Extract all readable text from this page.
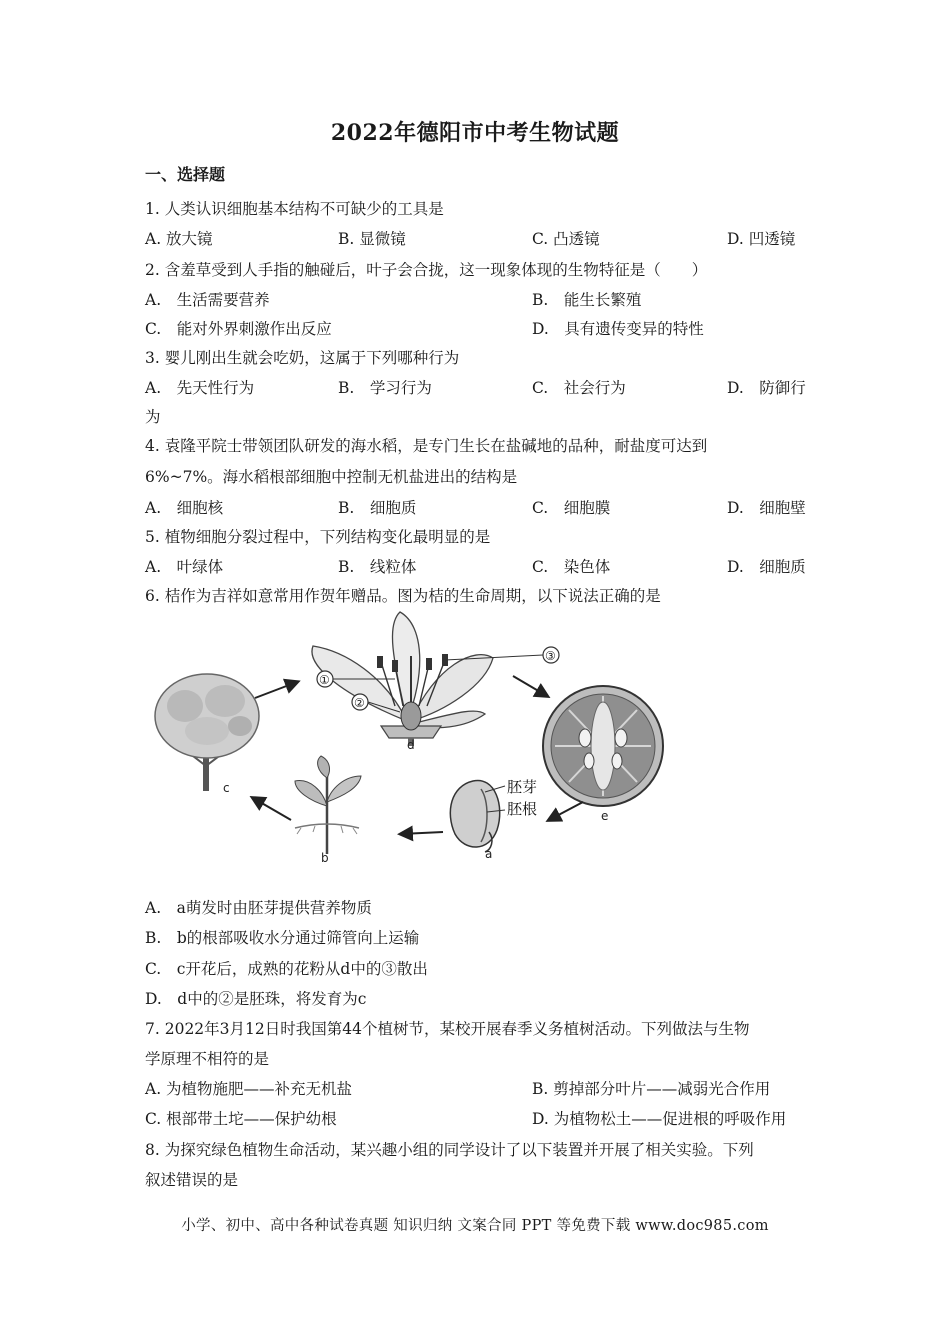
2022年德阳市中考生物试题
一、选择题
1. 人类认识细胞基本结构不可缺少的工具是
A. 放大镜	B. 显微镜	C. 凸透镜	D. 凹透镜
2. 含羞草受到人手指的触碰后，叶子会合拢，这一现象体现的生物特征是（　　）
A.　生活需要营养	B.　能生长繁殖
C.　能对外界刺激作出反应	D.　具有遗传变异的特性
3. 婴儿刚出生就会吃奶，这属于下列哪种行为
A.　先天性行为	B.　学习行为	C.　社会行为	D.　防御行
为
4. 袁隆平院士带领团队研发的海水稻，是专门生长在盐碱地的品种，耐盐度可达到
6%~7%。海水稻根部细胞中控制无机盐进出的结构是
A.　细胞核	B.　细胞质	C.　细胞膜	D.　细胞壁
5. 植物细胞分裂过程中，下列结构变化最明显的是
A.　叶绿体	B.　线粒体	C.　染色体	D.　细胞质
6. 桔作为吉祥如意常用作贺年赠品。图为桔的生命周期，以下说法正确的是
c
d
①
②
③
e
胚芽
胚根
a
b
A.　a萌发时由胚芽提供营养物质
B.　b的根部吸收水分通过筛管向上运输
C.　c开花后，成熟的花粉从d中的③散出
D.　d中的②是胚珠，将发育为c
7. 2022年3月12日时我国第44个植树节，某校开展春季义务植树活动。下列做法与生物
学原理不相符的是
A. 为植物施肥——补充无机盐	B. 剪掉部分叶片——减弱光合作用
C. 根部带土坨——保护幼根	D. 为植物松土——促进根的呼吸作用
8. 为探究绿色植物生命活动，某兴趣小组的同学设计了以下装置并开展了相关实验。下列
叙述错误的是
小学、初中、高中各种试卷真题 知识归纳 文案合同 PPT 等免费下载 www.doc985.com
